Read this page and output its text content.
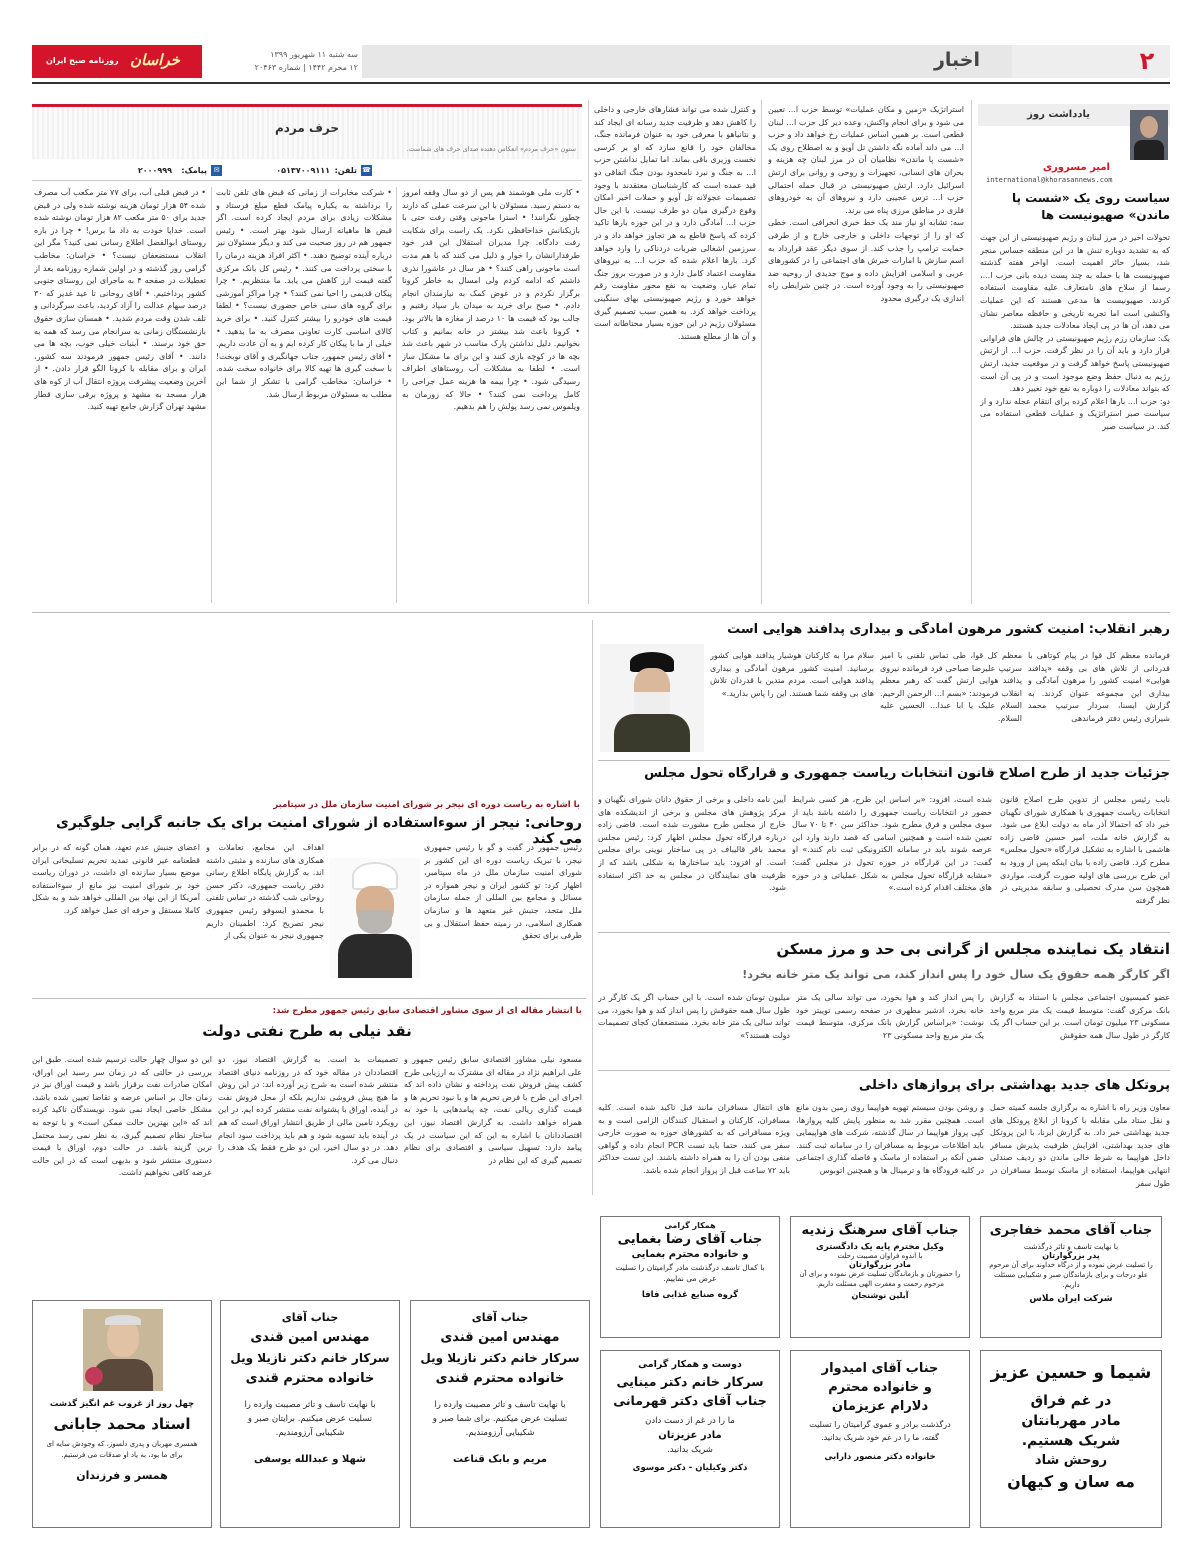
روزنامه صبح ایران خراسان	سه شنبه ۱۱ شهریور ۱۳۹۹
۱۲ محرم ۱۴۴۲ | شماره ۲۰۴۶۳	اخبار	۲
یادداشت روز
امیر مسروری
international@khorasannews.com
سیاست روی یک «شست پا ماندن» صهیونیست ها
تحولات اخیر در مرز لبنان و رژیم صهیونیستی از این جهت که به تشدید دوباره تنش ها در این منطقه حساس منجر شد، بسیار حائز اهمیت است. اواخر هفته گذشته صهیونیست ها با حمله به چند پست دیده بانی حزب ا...، رسما از سلاح های نامتعارف علیه مقاومت استفاده کردند. صهیونیست ها مدعی هستند که این عملیات واکنشی است اما تجربه تاریخی و حافظه معاصر نشان می دهد، آن ها در پی ایجاد معادلات جدید هستند.
یک: سازمان رزم رژیم صهیونیستی در چالش های فراوانی قرار دارد و باید آن را در نظر گرفت. حزب ا... از ارتش صهیونیستی پاسخ خواهد گرفت و در موقعیت جدید، ارتش رژیم به دنبال حفظ وضع موجود است و در پی آن است که بتواند معادلات را دوباره به نفع خود تغییر دهد.
دو: حزب ا... بارها اعلام کرده برای انتقام عجله ندارد و از سیاست صبر استراتژیک و عملیات قطعی استفاده می کند. در سیاست صبر
استراتژیک «زمین و مکان عملیات» توسط حزب ا... تعیین می شود و برای انجام واکنش، وعده دیر کل حزب ا... لبنان قطعی است. بر همین اساس عملیات رخ خواهد داد و حزب ا... می داند آماده نگه داشتن تل آویو و به اصطلاح روی یک «شست پا ماندن» نظامیان آن در مرز لبنان چه هزینه و بحران های انسانی، تجهیزات و روحی و روانی برای ارتش اسرائیل دارد. ارتش صهیونیستی در قبال حمله احتمالی حزب ا... ترس عجیبی دارد و نیروهای آن به خودروهای فلزی در مناطق مرزی پناه می برند.
سه: تشابه او نیاز مند یک خط خبری انحرافی است. خطی که او را از توجهات داخلی و خارجی خارج و از طرفی حمایت ترامپ را جذب کند. از سوی دیگر عقد قرارداد به اسم سازش با امارات خبرش های اجتماعی را در کشورهای عربی و اسلامی افزایش داده و موج جدیدی از روحیه ضد صهیونیستی را به وجود آورده است. در چنین شرایطی راه اندازی یک درگیری محدود
و کنترل شده می تواند فشارهای خارجی و داخلی را کاهش دهد و ظرفیت جدید رسانه ای ایجاد کند و نتانیاهو با معرفی خود به عنوان فرمانده جنگ، مخالفان خود را قانع سازد که او بر کرسی نخست وزیری باقی بماند. اما تمایل نداشتن حزب ا... به جنگ و نبرد نامحدود بودن جنگ اتفاقی دو قید عمده است که کارشناسان معتقدند با وجود تصمیمات عجولانه تل آویو و حملات اخیر امکان وقوع درگیری میان دو طرف نیست. با این حال حزب ا... آمادگی دارد و در این حوزه بارها تاکید کرده که پاسخ قاطع به هر تجاوز خواهد داد و در سرزمین اشغالی ضربات دردناکی را وارد خواهد کرد. بارها اعلام شده که حزب ا... به نیروهای مقاومت اعتماد کامل دارد و در صورت بروز جنگ تمام عیار، وضعیت به نفع محور مقاومت رقم خواهد خورد و رژیم صهیونیستی بهای سنگینی پرداخت خواهد کرد. به همین سبب تصمیم گیری مسئولان رژیم در این حوزه بسیار محتاطانه است و آن ها از مطلع هستند.
حرف مردم
ستون «حرف مردم» انعکاس دهنده صدای حرف های شماست.
☎
تلفن:
۰۵۱۳۷۰۰۹۱۱۱
✉
پیامک:
۲۰۰۰۹۹۹
• کارت ملی هوشمند هم پس از دو سال وقفه امروز به دستم رسید. مسئولان با این سرعت عملی که دارند چطور نگرانند! • استرا ماجونی وقتی رفت حتی با بازیکنانش خداحافظی نکرد. یک راست برای شکایت رفت دادگاه. چرا مدیران استقلال این قدر خود طرفدارانشان را خوار و ذلیل می کنند که با هم مدت است ماجونی راهی کنند؟ • هر سال در عاشورا نذری داشتم که ادامه کردم ولی امسال به خاطر کرونا برگزار نکردم و در عوض کمک به نیازمندان انجام دادم. • صبح برای خرید به میدان بار سپاد رفتیم و جالب بود که قیمت ها ۱۰ درصد از مغازه ها بالاتر بود. • کرونا باعث شد بیشتر در خانه بمانیم و کتاب بخوانیم. دلیل نداشتن پارک مناسب در شهر باعث شد بچه ها در کوچه بازی کنند و این برای ما مشکل ساز است. • لطفا به مشکلات آب روستاهای اطراف رسیدگی شود. • چرا بیمه ها هزینه عمل جراحی را کامل پرداخت نمی کنند؟ • حالا که زورمان به ویلموس نمی رسد پولش را هم بدهیم.
• شرکت مخابرات از زمانی که قبض های تلفن ثابت را برداشته به یکباره پیامک قطع مبلغ فرستاد و مشکلات زیادی برای مردم ایجاد کرده است. اگر قبض ها ماهیانه ارسال شود بهتر است. • رئیس جمهور هم در روز صحبت می کند و دیگر مسئولان نیز درباره آینده توضیح دهند. • اکثر افراد هزینه درمان را با سختی پرداخت می کنند. • رئیس کل بانک مرکزی گفته قیمت ارز کاهش می یابد. ما منتظریم. • چرا پیکان قدیمی را احیا نمی کنند؟ • چرا مراکز آموزشی برای گروه های سنی خاص حضوری نیست؟ • لطفا قیمت های خودرو را بیشتر کنترل کنید. • برای خرید کالای اساسی کارت تعاونی مصرف به ما بدهید. • خیلی از ما با پیکان کار کرده ایم و به آن عادت داریم. • آقای رئیس جمهور، جناب جهانگیری و آقای نوبخت! با سخت گیری ها تهیه کالا برای خانواده سخت شده. • خراسان: مخاطب گرامی با تشکر از شما این مطلب به مسئولان مربوط ارسال شد.
• در قبض قبلی آب، برای ۷۷ متر مکعب آب مصرف شده ۵۴ هزار تومان هزینه نوشته شده ولی در قبض جدید برای ۵۰ متر مکعب ۸۲ هزار تومان نوشته شده است. خدایا خودت به داد ما برس! • چرا در باره روستای ابوالفضل اطلاع رسانی نمی کنید؟ مگر این انقلاب مستضعفان نیست؟ • خراسان: مخاطب گرامی روز گذشته و در اولین شماره روزنامه بعد از تعطیلات در صفحه ۴ به ماجرای این روستای جنوبی کشور پرداختیم. • آقای روحانی تا عید غدیر که ۳۰ درصد سهام عدالت را آزاد کردید، باعث سرگردانی و تلف شدن وقت مردم شدید. • همسان سازی حقوق بازنشستگان زمانی به سرانجام می رسد که همه به حق خود برسند. • آبنبات خیلی خوب، بچه ها می دانند. • آقای رئیس جمهور فرمودند سه کشور، ایران و برای مقابله با کرونا الگو قرار دادن. • از آخرین وضعیت پیشرفت پروژه انتقال آب از کوه های هزار مسجد به مشهد و پروژه برقی سازی قطار مشهد تهران گزارش جامع تهیه کنید.
رهبر انقلاب: امنیت کشور مرهون آمادگی و بیداری پدافند هوایی است
فرمانده معظم کل قوا در پیام کوتاهی با قدردانی از تلاش های بی وقفه «پدافند هوایی» امنیت کشور را مرهون آمادگی و بیداری این مجموعه عنوان کردند. به گزارش ایسنا، سردار سرتیپ محمد شیرازی رئیس دفتر فرماندهی
معظم کل قوا، طی تماس تلفنی با امیر سرتیپ علیرضا صباحی فرد فرمانده نیروی پدافند هوایی ارتش گفت که رهبر معظم انقلاب فرمودند: «بسم ا... الرحمن الرحیم. السلام علیک یا ابا عبدا... الحسین علیه السلام.
سلام مرا به کارکنان هوشیار پدافند هوایی کشور برسانید. امنیت کشور مرهون آمادگی و بیداری پدافند هوایی است. مردم متدین با قدردان تلاش های بی وقفه شما هستند. این را پاس بدارید.»
جزئیات جدید از طرح اصلاح قانون انتخابات ریاست جمهوری و قرارگاه تحول مجلس
نایب رئیس مجلس از تدوین طرح اصلاح قانون انتخابات ریاست جمهوری با همکاری شورای نگهبان خبر داد که احتمالا آذر ماه به دولت ابلاغ می شود. به گزارش خانه ملت، امیر حسین قاضی زاده هاشمی با اشاره به تشکیل قرارگاه «تحول مجلس» مطرح کرد. قاضی زاده با بیان اینکه پس از ورود به این طرح بررسی های اولیه صورت گرفت، مواردی همچون سن مدرک تحصیلی و سابقه مدیریتی در نظر گرفته
شده است، افزود: «بر اساس این طرح، هر کسی شرایط حضور در انتخابات ریاست جمهوری را داشته باشد باید از سوی مجلس و فرق مطرح شود. حداکثر سن ۴۰ تا ۷۰ سال تعیین شده است و همچنین اسامی که قصد دارند وارد این عرصه شوند باید در سامانه الکترونیکی ثبت نام کنند.» او گفت: در این قرارگاه در حوزه تحول در مجلس گفت: «مشابه قرارگاه تحول مجلس به شکل عملیاتی و در حوزه های مختلف اقدام کرده است.»
آیین نامه داخلی و برخی از حقوق دانان شورای نگهبان و مرکز پژوهش های مجلس و برخی از اندیشکده های خارج از مجلس طرح مشورت شده است. قاضی زاده درباره قرارگاه تحول مجلس اظهار کرد: رئیس مجلس محمد باقر قالیباف در پی ساختار نوینی برای مجلس است. او افزود: باید ساختارها به شکلی باشد که از ظرفیت های نمایندگان در مجلس به حد اکثر استفاده شود.
با اشاره به ریاست دوره ای نیجر بر شورای امنیت سازمان ملل در سپتامبر
روحانی: نیجر از سوءاستفاده از شورای امنیت برای یک جانبه گرایی جلوگیری می کند
رئیس جمهور در گفت و گو با رئیس جمهوری نیجر، با تبریک ریاست دوره ای این کشور بر شورای امنیت سازمان ملل در ماه سپتامبر، اظهار کرد: تو کشور ایران و نیجر همواره در مسائل و مجامع بین المللی از جمله سازمان ملل متحد، جنبش غیر متعهد ها و سازمان همکاری اسلامی، در زمینه حفظ استقلال و بی طرفی برای تحقق
اهداف این مجامع، تعاملات و همکاری های سازنده و مثبتی داشته اند. به گزارش پایگاه اطلاع رسانی دفتر ریاست جمهوری، دکتر حسن روحانی شب گذشته در تماس تلفنی با محمدو ایسوفو رئیس جمهوری نیجر تصریح کرد: اطمینان داریم جمهوری نیجر به عنوان یکی از
اعضای جنبش عدم تعهد، همان گونه که در برابر قطعنامه غیر قانونی تمدید تحریم تسلیحاتی ایران موضع بسیار سازنده ای داشت، در دوران ریاست خود بر شورای امنیت نیز مانع از سوءاستفاده آمریکا از این نهاد بین المللی خواهد شد و به شکل کاملا مستقل و حرفه ای عمل خواهد کرد.
با انتشار مقاله ای از سوی مشاور اقتصادی سابق رئیس جمهور مطرح شد:
نقد نیلی به طرح نفتی دولت
مسعود نیلی مشاور اقتصادی سابق رئیس جمهور و علی ابراهیم نژاد در مقاله ای مشترک به ارزیابی طرح کشف پیش فروش نفت پرداخته و نشان داده اند که اجرای این طرح با فرض تحریم ها و با نبود تحریم ها و قیمت گذاری ریالی نفت، چه پیامدهایی با خود به همراه خواهد داشت. به گزارش اقتصاد نیوز، این اقتصاددانان با اشاره به این که این سیاست در یک پیامد دارد: تسهیل سیاسی و اقتصادی برای نظام تصمیم گیری که این نظام در
تصمیمات بد است. به گزارش اقتصاد نیوز، دو اقتصاددان در مقاله خود که در روزنامه دنیای اقتصاد منتشر شده است به شرح زیر آورده اند: در این روش ما هیچ پیش فروشی نداریم بلکه از محل فروش نفت در آینده، اوراق با پشتوانه نفت منتشر کرده ایم. در این رویکرد تامین مالی از طریق انتشار اوراق است که هم در آینده باید تسویه شود و هم باید پرداخت سود انجام دهد. در دو سال اخیر، این دو طرح فقط یک هدف را دنبال می کرد.
این دو سوال چهار حالت ترسیم شده است. طبق این بررسی در حالتی که در زمان سر رسید این اوراق، امکان صادرات نفت برقرار باشد و قیمت اوراق نیز در زمان حال بر اساس عرضه و تقاضا تعیین شده باشد، مشکل خاصی ایجاد نمی شود. نویسندگان تاکید کرده اند که «این بهترین حالت ممکن است» و با توجه به ساختار نظام تصمیم گیری، به نظر نمی رسد محتمل ترین گزینه باشد. در حالت دوم، اوراق با قیمت دستوری منتشر شود و بدیهی است که در این حالت عرضه کافی نخواهیم داشت.
انتقاد یک نماینده مجلس از گرانی بی حد و مرز مسکن
اگر کارگر همه حقوق یک سال خود را پس انداز کند، می تواند یک متر خانه بخرد!
عضو کمیسیون اجتماعی مجلس با استناد به گزارش بانک مرکزی گفت: متوسط قیمت یک متر مربع واحد مسکونی ۲۳ میلیون تومان است. بر این حساب اگر یک کارگر در طول سال همه حقوقش
را پس انداز کند و هوا بخورد، می تواند سالی یک متر خانه بخرد. ادشیر مطهری در صفحه رسمی توییتر خود نوشت: «براساس گزارش بانک مرکزی، متوسط قیمت یک متر مربع واحد مسکونی ۲۳
میلیون تومان شده است. با این حساب اگر یک کارگر در طول سال همه حقوقش را پس انداز کند و هوا بخورد، می تواند سالی یک متر خانه بخرد. مستضعفان کجای تصمیمات دولت هستند؟»
پروتکل های جدید بهداشتی برای پروازهای داخلی
معاون وزیر راه با اشاره به برگزاری جلسه کمیته حمل و نقل ستاد ملی مقابله با کرونا از ابلاغ پروتکل های جدید بهداشتی خبر داد. به گزارش ایرنا، با این پروتکل های جدید بهداشتی، افزایش ظرفیت پذیرش مسافر داخل هواپیما به شرط خالی ماندن دو ردیف صندلی انتهایی هواپیما، استفاده از ماسک توسط مسافران در طول سفر
و روشن بودن سیستم تهویه هواپیما روی زمین بدون مانع است. همچنین مقرر شد به منظور پایش کلیه پروازها، کپی پرواز هواپیما در سال گذشته، شرکت های هواپیمایی باید اطلاعات مربوط به مسافران را در سامانه ثبت کنند. ضمن آنکه بر استفاده از ماسک و فاصله گذاری اجتماعی در کلیه فرودگاه ها و ترمینال ها و همچنین اتوبوس
های انتقال مسافران مانند قبل تاکید شده است. کلیه مسافران، کارکنان و استقبال کنندگان الزامی است و به ویژه مسافرانی که به کشورهای حوزه به صورت خارجی سفر می کنند، حتما باید تست PCR انجام داده و گواهی منفی بودن آن را به همراه داشته باشند. این تست حداکثر باید ۷۲ ساعت قبل از پرواز انجام شده باشد.
جناب آقای محمد خفاجری
با نهایت تاسف و تاثر درگذشت
پدر بزرگوارتان
را تسلیت عرض نموده و از درگاه خداوند برای آن مرحوم علو درجات و برای بازماندگان صبر و شکیبایی مسئلت داریم.
شرکت ایران ملاس
جناب آقای سرهنگ زندیه
وکیل محترم پایه یک دادگستری
با اندوه فراوان مصیبت رحلت
مادر بزرگوارتان
را حضورتان و بازماندگان تسلیت عرض نموده و برای آن مرحوم رحمت و مغفرت الهی مسئلت داریم.
آیلین نوشنجان
همکار گرامی
جناب آقای رضا بغمایی
و خانواده محترم بغمایی
با کمال تاسف درگذشت مادر گرامیتان را تسلیت عرض می نماییم.
گروه صنایع غذایی فافا
شیما و حسین عزیز
در غم فراق
مادر مهربانتان
شریک هستیم.
روحش شاد
مه سان و کیهان
جناب آقای امیدوار
و خانواده محترم
دلارام عزیزمان
درگذشت برادر و عموی گرامیتان را تسلیت گفته، ما را در غم خود شریک بدانید.
خانواده دکتر منصور دارابی
دوست و همکار گرامی
سرکار خانم دکتر مینایی
جناب آقای دکتر قهرمانی
ما را در غم از دست دادن
مادر عزیزتان
شریک بدانید.
دکتر وکیلیان - دکتر موسوی
جناب آقای
مهندس امین قندی
سرکار خانم دکتر نازیلا ویل
خانواده محترم قندی
با نهایت تاسف و تاثر مصیبت وارده را تسلیت عرض میکنیم. برای شما صبر و شکیبایی آرزومندیم.
مریم و بابک قناعت
جناب آقای
مهندس امین قندی
سرکار خانم دکتر نازیلا ویل
خانواده محترم قندی
با نهایت تاسف و تاثر مصیبت وارده را تسلیت عرض میکنیم. برایتان صبر و شکیبایی آرزومندیم.
شهلا و عبدالله یوسفی
چهل روز از غروب غم انگیز گذشت
استاد محمد جابانی
همسری مهربان و پدری دلسوز، که وجودش سایه ای برای ما بود، به یاد او صدقات می فرستیم.
همسر و فرزندان
